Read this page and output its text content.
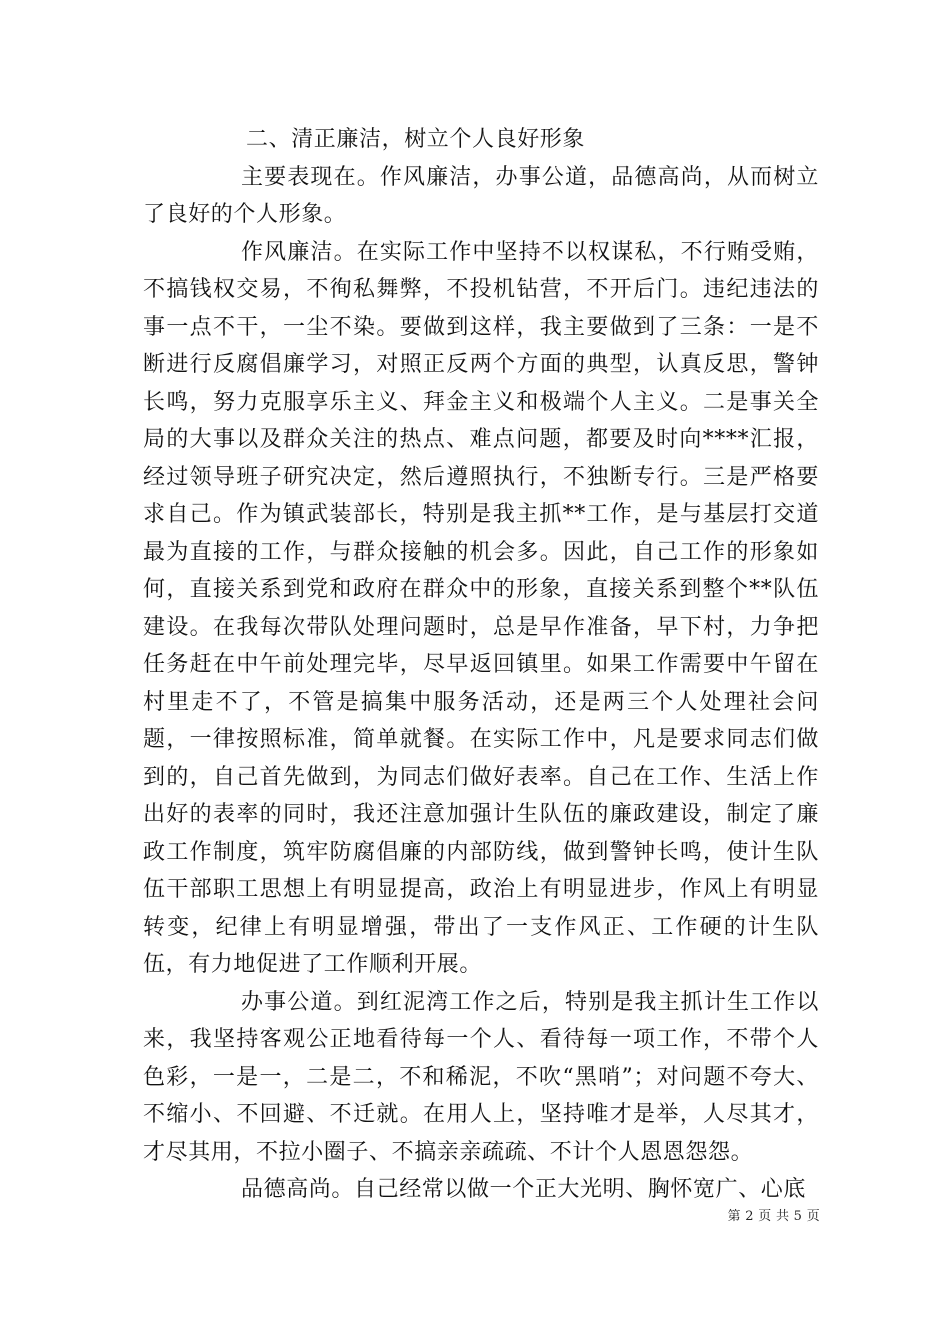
二、清正廉洁，树立个人良好形象

主要表现在。作风廉洁，办事公道，品德高尚，从而树立了良好的个人形象。

作风廉洁。在实际工作中坚持不以权谋私，不行贿受贿，不搞钱权交易，不徇私舞弊，不投机钻营，不开后门。违纪违法的事一点不干，一尘不染。要做到这样，我主要做到了三条：一是不断进行反腐倡廉学习，对照正反两个方面的典型，认真反思，警钟长鸣，努力克服享乐主义、拜金主义和极端个人主义。二是事关全局的大事以及群众关注的热点、难点问题，都要及时向****汇报，经过领导班子研究决定，然后遵照执行，不独断专行。三是严格要求自己。作为镇武装部长，特别是我主抓**工作，是与基层打交道最为直接的工作，与群众接触的机会多。因此，自己工作的形象如何，直接关系到党和政府在群众中的形象，直接关系到整个**队伍建设。在我每次带队处理问题时，总是早作准备，早下村，力争把任务赶在中午前处理完毕，尽早返回镇里。如果工作需要中午留在村里走不了，不管是搞集中服务活动，还是两三个人处理社会问题，一律按照标准，简单就餐。在实际工作中，凡是要求同志们做到的，自己首先做到，为同志们做好表率。自己在工作、生活上作出好的表率的同时，我还注意加强计生队伍的廉政建设，制定了廉政工作制度，筑牢防腐倡廉的内部防线，做到警钟长鸣，使计生队伍干部职工思想上有明显提高，政治上有明显进步，作风上有明显转变，纪律上有明显增强，带出了一支作风正、工作硬的计生队伍，有力地促进了工作顺利开展。

办事公道。到红泥湾工作之后，特别是我主抓计生工作以来，我坚持客观公正地看待每一个人、看待每一项工作，不带个人色彩，一是一，二是二，不和稀泥，不吹“黑哨”；对问题不夸大、不缩小、不回避、不迁就。在用人上，坚持唯才是举，人尽其才，才尽其用，不拉小圈子、不搞亲亲疏疏、不计个人恩恩怨怨。

品德高尚。自己经常以做一个正大光明、胸怀宽广、心底

第 2 页 共 5 页
